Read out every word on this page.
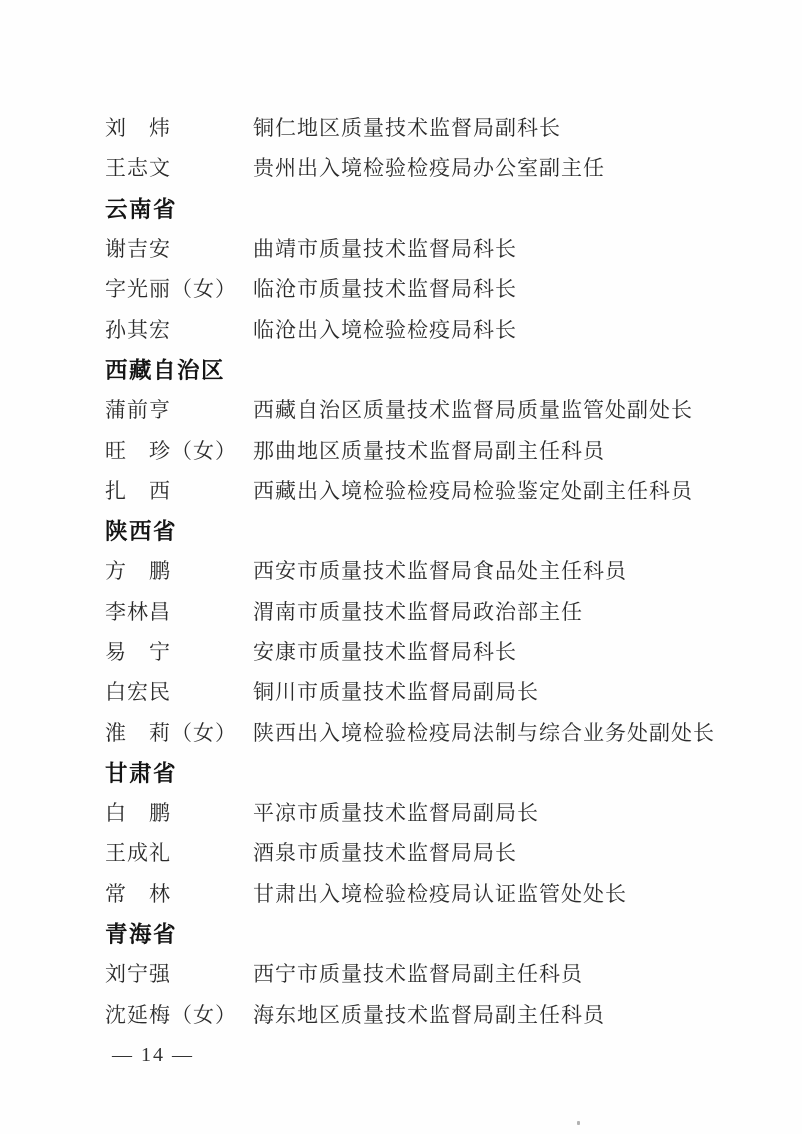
刘　炜	铜仁地区质量技术监督局副科长
王志文	贵州出入境检验检疫局办公室副主任
云南省
谢吉安	曲靖市质量技术监督局科长
字光丽（女） 临沧市质量技术监督局科长
孙其宏	临沧出入境检验检疫局科长
西藏自治区
蒲前亨	西藏自治区质量技术监督局质量监管处副处长
旺　珍（女） 那曲地区质量技术监督局副主任科员
扎　西	西藏出入境检验检疫局检验鉴定处副主任科员
陕西省
方　鹏	西安市质量技术监督局食品处主任科员
李林昌	渭南市质量技术监督局政治部主任
易　宁	安康市质量技术监督局科长
白宏民	铜川市质量技术监督局副局长
淮　莉（女） 陕西出入境检验检疫局法制与综合业务处副处长
甘肃省
白　鹏	平凉市质量技术监督局副局长
王成礼	酒泉市质量技术监督局局长
常　林	甘肃出入境检验检疫局认证监管处处长
青海省
刘宁强	西宁市质量技术监督局副主任科员
沈延梅（女） 海东地区质量技术监督局副主任科员
— 14 —
